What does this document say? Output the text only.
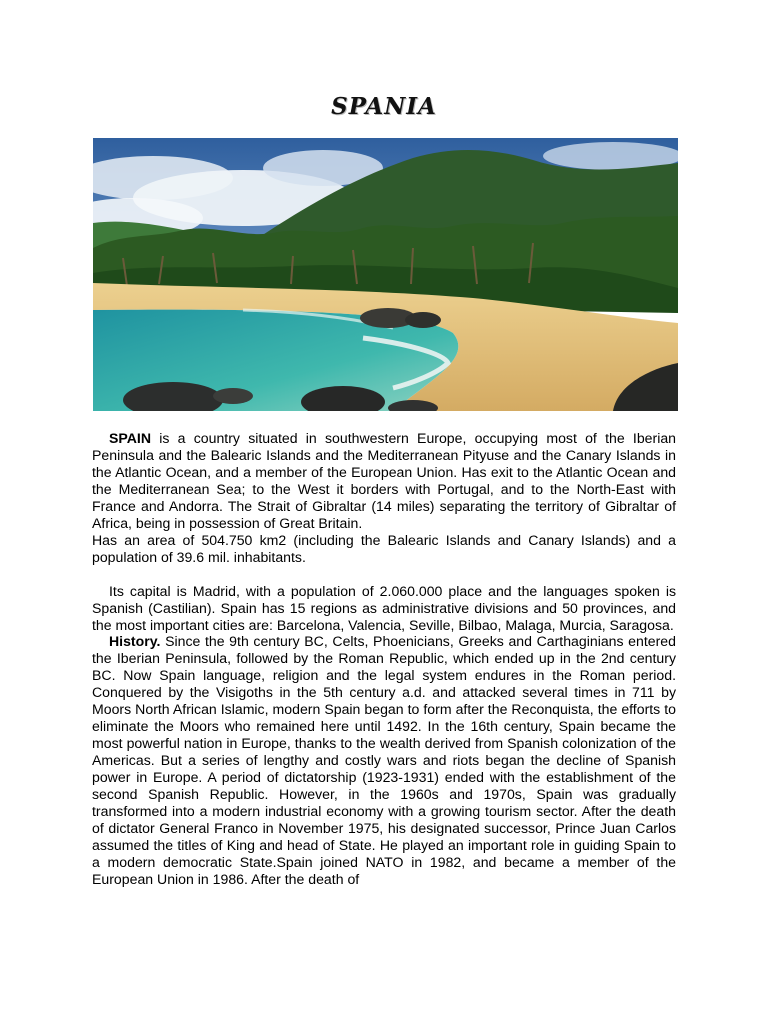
SPANIA

SPAIN is a country situated in southwestern Europe, occupying most of the Iberian Peninsula and the Balearic Islands and the Mediterranean Pityuse and the Canary Islands in the Atlantic Ocean, and a member of the European Union. Has exit to the Atlantic Ocean and the Mediterranean Sea; to the West it borders with Portugal, and to the North-East with France and Andorra. The Strait of Gibraltar (14 miles) separating the territory of Gibraltar of Africa, being in possession of Great Britain.

Has an area of 504.750 km2 (including the Balearic Islands and Canary Islands) and a population of 39.6 mil. inhabitants.

Its capital is Madrid, with a population of 2.060.000 place and the languages spoken is Spanish (Castilian). Spain has 15 regions as administrative divisions and 50 provinces, and the most important cities are: Barcelona, Valencia, Seville, Bilbao, Malaga, Murcia, Saragosa.

History. Since the 9th century BC, Celts, Phoenicians, Greeks and Carthaginians entered the Iberian Peninsula, followed by the Roman Republic, which ended up in the 2nd century BC. Now Spain language, religion and the legal system endures in the Roman period. Conquered by the Visigoths in the 5th century a.d. and attacked several times in 711 by Moors North African Islamic, modern Spain began to form after the Reconquista, the efforts to eliminate the Moors who remained here until 1492. In the 16th century, Spain became the most powerful nation in Europe, thanks to the wealth derived from Spanish colonization of the Americas. But a series of lengthy and costly wars and riots began the decline of Spanish power in Europe. A period of dictatorship (1923-1931) ended with the establishment of the second Spanish Republic. However, in the 1960s and 1970s, Spain was gradually transformed into a modern industrial economy with a growing tourism sector. After the death of dictator General Franco in November 1975, his designated successor, Prince Juan Carlos assumed the titles of King and head of State. He played an important role in guiding Spain to a modern democratic State.Spain joined NATO in 1982, and became a member of the European Union in 1986. After the death of
